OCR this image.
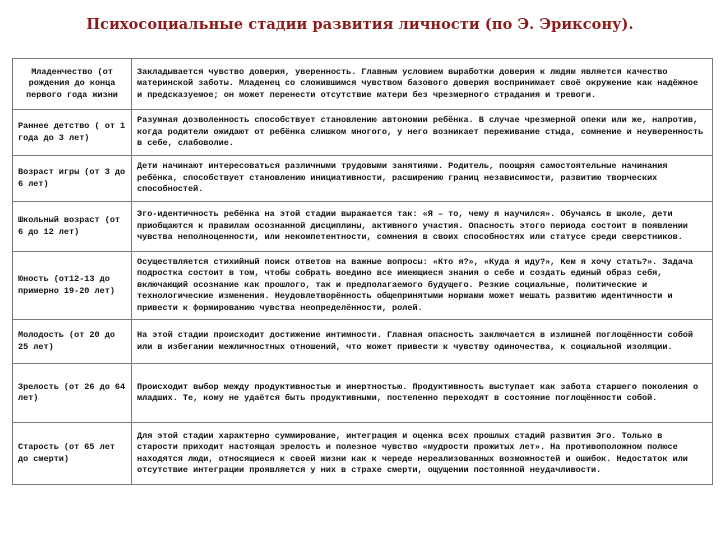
Психосоциальные стадии развития личности (по Э. Эриксону).
Младенчество (от рождения до конца первого года жизни	Закладывается чувство доверия, уверенность. Главным условием выработки доверия к людям является качество материнской заботы. Младенец со сложившимся чувством базового доверия воспринимает своё окружение как надёжное и предсказуемое; он может перенести отсутствие матери без чрезмерного страдания и тревоги.
Раннее детство ( от 1 года до 3 лет)	Разумная дозволенность способствует становлению автономии ребёнка. В случае чрезмерной опеки или же, напротив, когда родители ожидают от ребёнка слишком многого, у него возникает переживание стыда, сомнение и неуверенность в себе, слабоволие.
Возраст игры (от 3 до 6 лет)	Дети начинают интересоваться различными трудовыми занятиями. Родитель, поощряя самостоятельные начинания ребёнка, способствует становлению инициативности, расширению границ независимости, развитию творческих способностей.
Школьный возраст (от 6 до 12 лет)	Эго-идентичность ребёнка на этой стадии выражается так: «Я – то, чему я научился». Обучаясь в школе, дети приобщаются к правилам осознанной дисциплины, активного участия. Опасность этого периода состоит в появлении чувства неполноценности, или некомпетентности, сомнения в своих способностях или статусе среди сверстников.
Юность (от12-13 до примерно 19-20 лет)	Осуществляется стихийный поиск ответов на важные вопросы: «Кто я?», «Куда я иду?», Кем я хочу стать?». Задача подростка состоит в том, чтобы собрать воедино все имеющиеся знания о себе и создать единый образ себя, включающий осознание как прошлого, так и предполагаемого будущего. Резкие социальные, политические и технологические изменения. Неудовлетворённость общепринятыми нормами может мешать развитию идентичности и привести к формированию чувства неопределённости, ролей.
Молодость (от 20 до 25 лет)	На этой стадии происходит достижение интимности. Главная опасность заключается в излишней поглощённости собой или в избегании межличностных отношений, что может привести к чувству одиночества, к социальной изоляции.
Зрелость (от 26 до 64 лет)	Происходит выбор между продуктивностью и инертностью. Продуктивность выступает как забота старшего поколения о младших. Те, кому не удаётся быть продуктивными, постепенно переходят в состояние поглощённости собой.
Старость (от 65 лет до смерти)	Для этой стадии характерно суммирование, интеграция и оценка всех прошлых стадий развития Эго. Только в старости приходит настоящая зрелость и полезное чувство «мудрости прожитых лет». На противоположном полюсе находятся люди, относящиеся к своей жизни как к череде нереализованных возможностей и ошибок. Недостаток или отсутствие интеграции проявляется у них в страхе смерти, ощущении постоянной неудачливости.
